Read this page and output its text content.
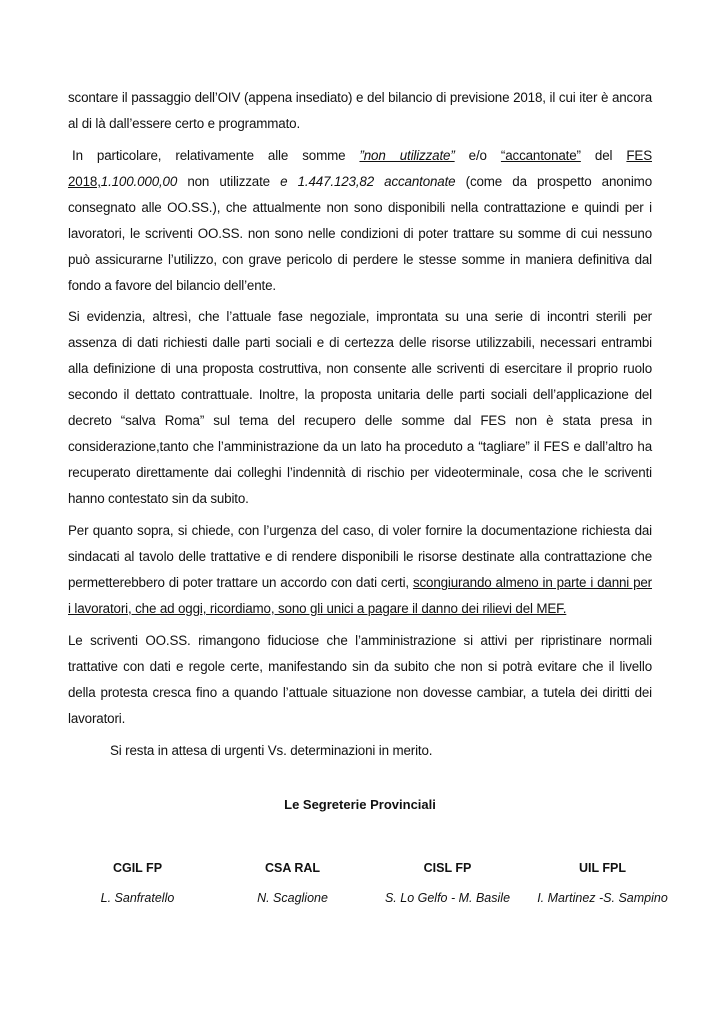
scontare il passaggio dell’OIV (appena insediato) e del bilancio di previsione 2018, il cui iter è ancora al di là dall’essere certo e programmato.

In particolare, relativamente alle somme ”non utilizzate” e/o “accantonate” del FES 2018,1.100.000,00 non utilizzate e 1.447.123,82 accantonate (come da prospetto anonimo consegnato alle OO.SS.), che attualmente non sono disponibili nella contrattazione e quindi per i lavoratori, le scriventi OO.SS. non sono nelle condizioni di poter trattare su somme di cui nessuno può assicurarne l’utilizzo, con grave pericolo di perdere le stesse somme in maniera definitiva dal fondo a favore del bilancio dell’ente.

Si evidenzia, altresì, che l’attuale fase negoziale, improntata su una serie di incontri sterili per assenza di dati richiesti dalle parti sociali e di certezza delle risorse utilizzabili, necessari entrambi alla definizione di una proposta costruttiva, non consente alle scriventi di esercitare il proprio ruolo secondo il dettato contrattuale. Inoltre, la proposta unitaria delle parti sociali dell’applicazione del decreto “salva Roma” sul tema del recupero delle somme dal FES non è stata presa in considerazione,tanto che l’amministrazione da un lato ha proceduto a “tagliare” il FES e dall’altro ha recuperato direttamente dai colleghi l’indennità di rischio per videoterminale, cosa che le scriventi hanno contestato sin da subito.

Per quanto sopra, si chiede, con l’urgenza del caso, di voler fornire la documentazione richiesta dai sindacati al tavolo delle trattative e di rendere disponibili le risorse destinate alla contrattazione che permetterebbero di poter trattare un accordo con dati certi, scongiurando almeno in parte i danni per i lavoratori, che ad oggi, ricordiamo, sono gli unici a pagare il danno dei rilievi del MEF.

Le scriventi OO.SS. rimangono fiduciose che l’amministrazione si attivi per ripristinare normali trattative con dati e regole certe, manifestando sin da subito che non si potrà evitare che il livello della protesta cresca fino a quando l’attuale situazione non dovesse cambiar, a tutela dei diritti dei lavoratori.

Si resta in attesa di urgenti Vs. determinazioni in merito.

Le Segreterie Provinciali
CGIL FP
L. Sanfratello
CSA RAL
N. Scaglione
CISL FP
S. Lo Gelfo - M. Basile
UIL FPL
I. Martinez -S. Sampino
